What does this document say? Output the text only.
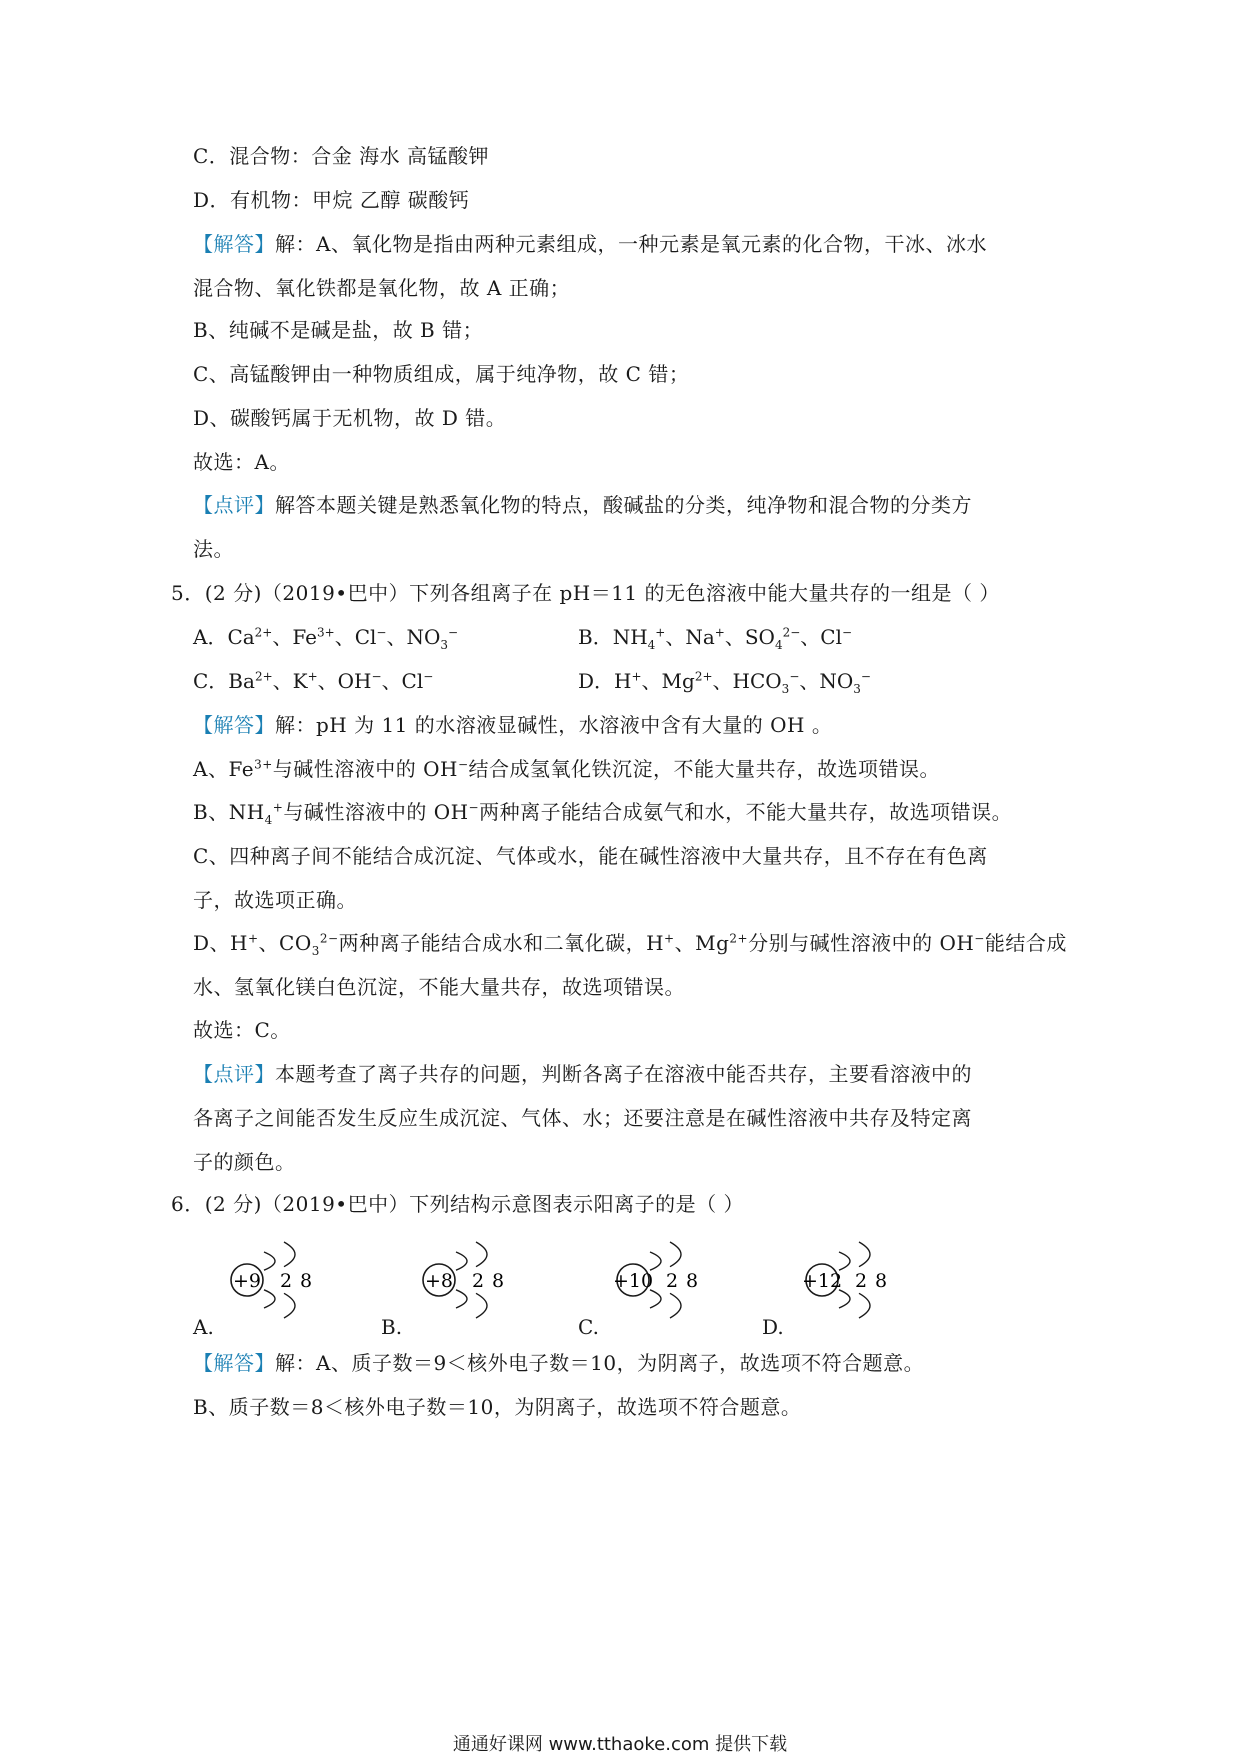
C．混合物：合金 海水 高锰酸钾
D．有机物：甲烷 乙醇 碳酸钙
【解答】解：A、氧化物是指由两种元素组成，一种元素是氧元素的化合物，干冰、冰水
混合物、氧化铁都是氧化物，故 A 正确；
B、纯碱不是碱是盐，故 B 错；
C、高锰酸钾由一种物质组成，属于纯净物，故 C 错；
D、碳酸钙属于无机物，故 D 错。
故选：A。
【点评】解答本题关键是熟悉氧化物的特点，酸碱盐的分类，纯净物和混合物的分类方
法。
5．(2 分)（2019•巴中）下列各组离子在 pH＝11 的无色溶液中能大量共存的一组是（ ）
A．$Ca^{2+}$、$Fe^{3+}$、Cl−、$NO_3^-$	B．$NH_4^+$、Na+、$SO_4^{2-}$、Cl−
C．$Ba^{2+}$、K+、OH−、Cl−	D．H+、$Mg^{2+}$、$HCO_3^-$、$NO_3^-$
【解答】解：pH 为 11 的水溶液显碱性，水溶液中含有大量的 OH 。
A、$Fe^{3+}$与碱性溶液中的 OH−结合成氢氧化铁沉淀，不能大量共存，故选项错误。
B、$NH_4^+$与碱性溶液中的 OH−两种离子能结合成氨气和水，不能大量共存，故选项错误。
C、四种离子间不能结合成沉淀、气体或水，能在碱性溶液中大量共存，且不存在有色离
子，故选项正确。
D、H+、$CO_3^{2-}$两种离子能结合成水和二氧化碳，H+、$Mg^{2+}$分别与碱性溶液中的 OH−能结合成
水、氢氧化镁白色沉淀，不能大量共存，故选项错误。
故选：C。
【点评】本题考查了离子共存的问题，判断各离子在溶液中能否共存，主要看溶液中的
各离子之间能否发生反应生成沉淀、气体、水；还要注意是在碱性溶液中共存及特定离
子的颜色。
6．(2 分)（2019•巴中）下列结构示意图表示阳离子的是（ ）
+9 2 8
A.
+8 2 8
B.
+10 2 8
C.
+12 2 8
D.
【解答】解：A、质子数＝9＜核外电子数＝10，为阴离子，故选项不符合题意。
B、质子数＝8＜核外电子数＝10，为阴离子，故选项不符合题意。
通通好课网 www.tthaoke.com 提供下载
